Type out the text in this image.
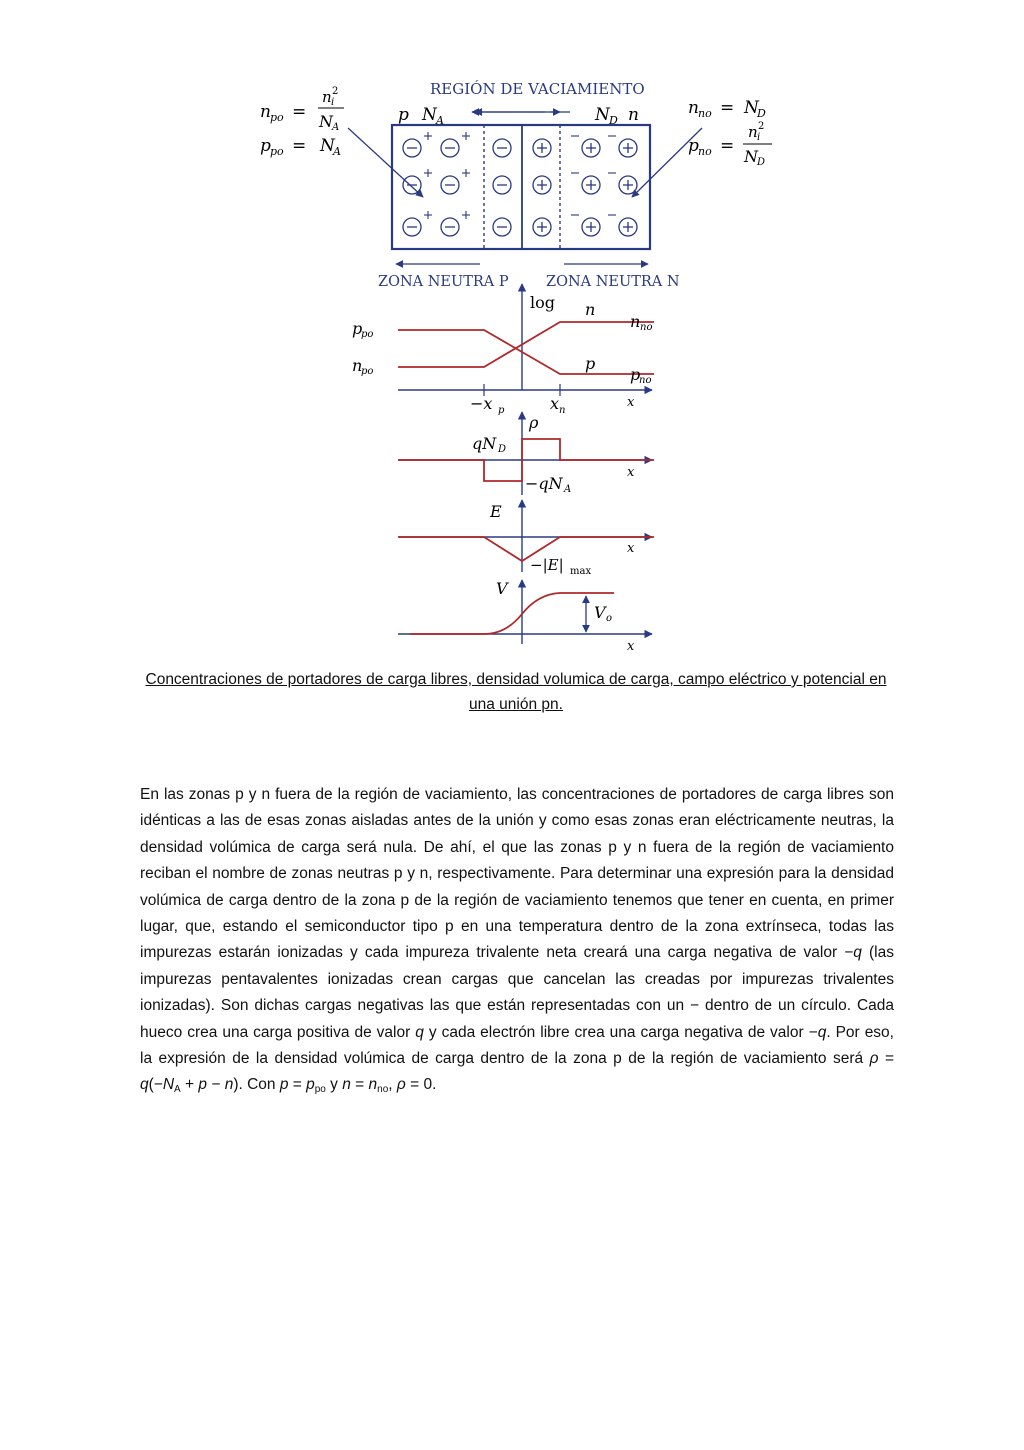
REGIÓN DE VACIAMIENTO
p N A	N D n
n po =
n i
2
N A
p po = N
A
n no = N
D
p no =
n i
2
N D
ZONA NEUTRA P	ZONA NEUTRA N
log n
p
p
po
n
po
n no
p
no
−x p	x n
x
ρ
qN D
−qN A
x
E
−|E| max
x
V
V o
x
Concentraciones de portadores de carga libres, densidad volumica de carga, campo eléctrico y potencial en una unión pn.
En las zonas p y n fuera de la región de vaciamiento, las concentraciones de portadores de carga libres son idénticas a las de esas zonas aisladas antes de la unión y como esas zonas eran eléctricamente neutras, la densidad volúmica de carga será nula. De ahí, el que las zonas p y n fuera de la región de vaciamiento reciban el nombre de zonas neutras p y n, respectivamente. Para determinar una expresión para la densidad volúmica de carga dentro de la zona p de la región de vaciamiento tenemos que tener en cuenta, en primer lugar, que, estando el semiconductor tipo p en una temperatura dentro de la zona extrínseca, todas las impurezas estarán ionizadas y cada impureza trivalente neta creará una carga negativa de valor −q (las impurezas pentavalentes ionizadas crean cargas que cancelan las creadas por impurezas trivalentes ionizadas). Son dichas cargas negativas las que están representadas con un − dentro de un círculo. Cada hueco crea una carga positiva de valor q y cada electrón libre crea una carga negativa de valor −q. Por eso, la expresión de la densidad volúmica de carga dentro de la zona p de la región de vaciamiento será $\rho = q(-N_A + p - n)$. Con $p = p_{po}$ y $n = n_{no}$, ρ = 0.
